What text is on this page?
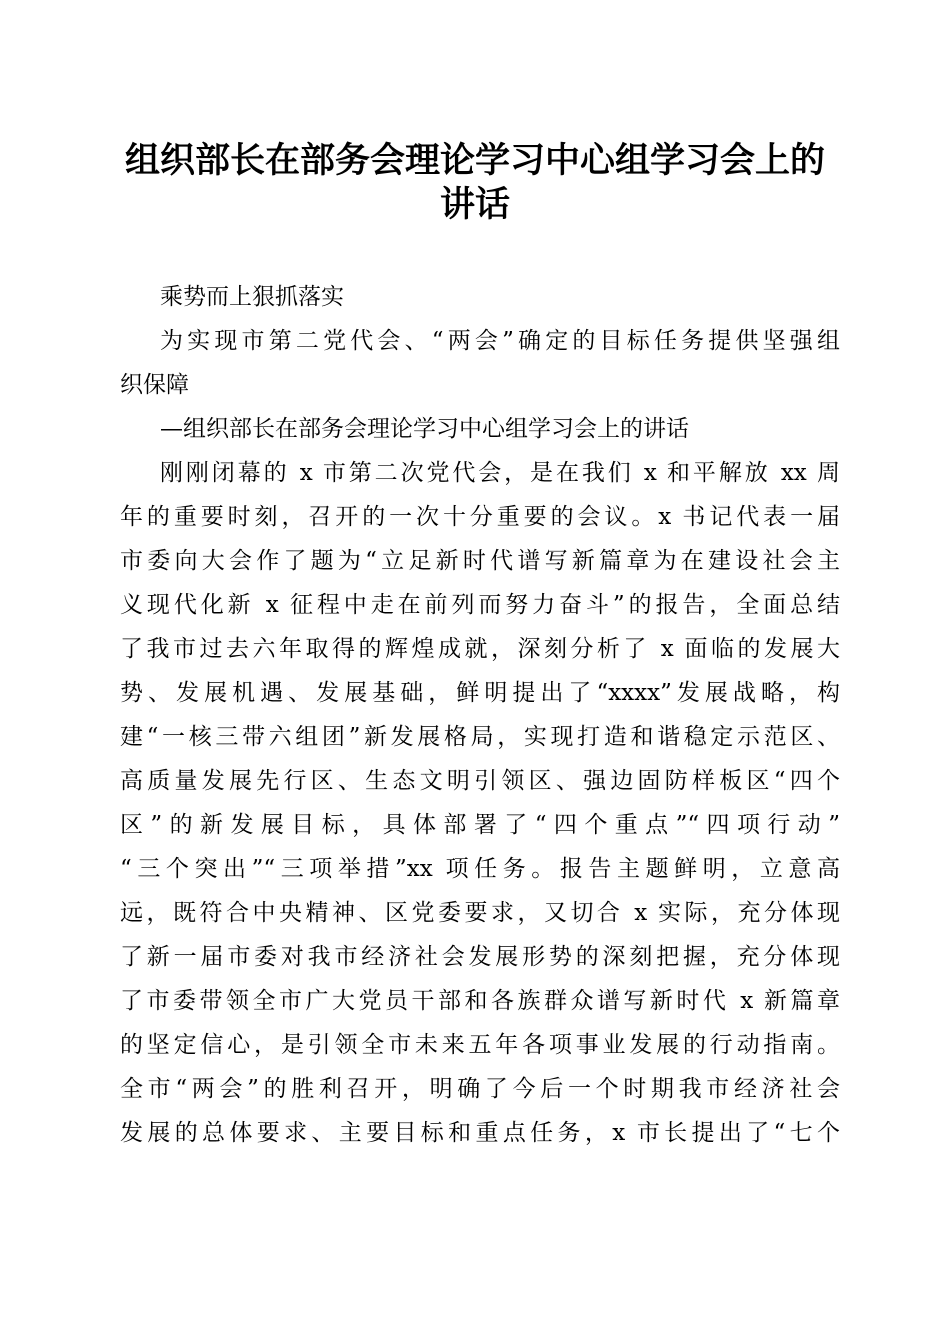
组织部长在部务会理论学习中心组学习会上的
讲话
乘势而上狠抓落实
为实现市第二党代会、“两会”确定的目标任务提供坚强组
织保障
—组织部长在部务会理论学习中心组学习会上的讲话
刚刚闭幕的 x 市第二次党代会，是在我们 x 和平解放 xx 周
年的重要时刻，召开的一次十分重要的会议。x 书记代表一届
市委向大会作了题为“立足新时代谱写新篇章为在建设社会主
义现代化新 x 征程中走在前列而努力奋斗”的报告，全面总结
了我市过去六年取得的辉煌成就，深刻分析了 x 面临的发展大
势、发展机遇、发展基础，鲜明提出了“xxxx”发展战略，构
建“一核三带六组团”新发展格局，实现打造和谐稳定示范区、
高质量发展先行区、生态文明引领区、强边固防样板区“四个
区”的新发展目标，具体部署了“四个重点”“四项行动”
“三个突出”“三项举措”xx 项任务。报告主题鲜明，立意高
远，既符合中央精神、区党委要求，又切合 x 实际，充分体现
了新一届市委对我市经济社会发展形势的深刻把握，充分体现
了市委带领全市广大党员干部和各族群众谱写新时代 x 新篇章
的坚定信心，是引领全市未来五年各项事业发展的行动指南。
全市“两会”的胜利召开，明确了今后一个时期我市经济社会
发展的总体要求、主要目标和重点任务，x 市长提出了“七个
